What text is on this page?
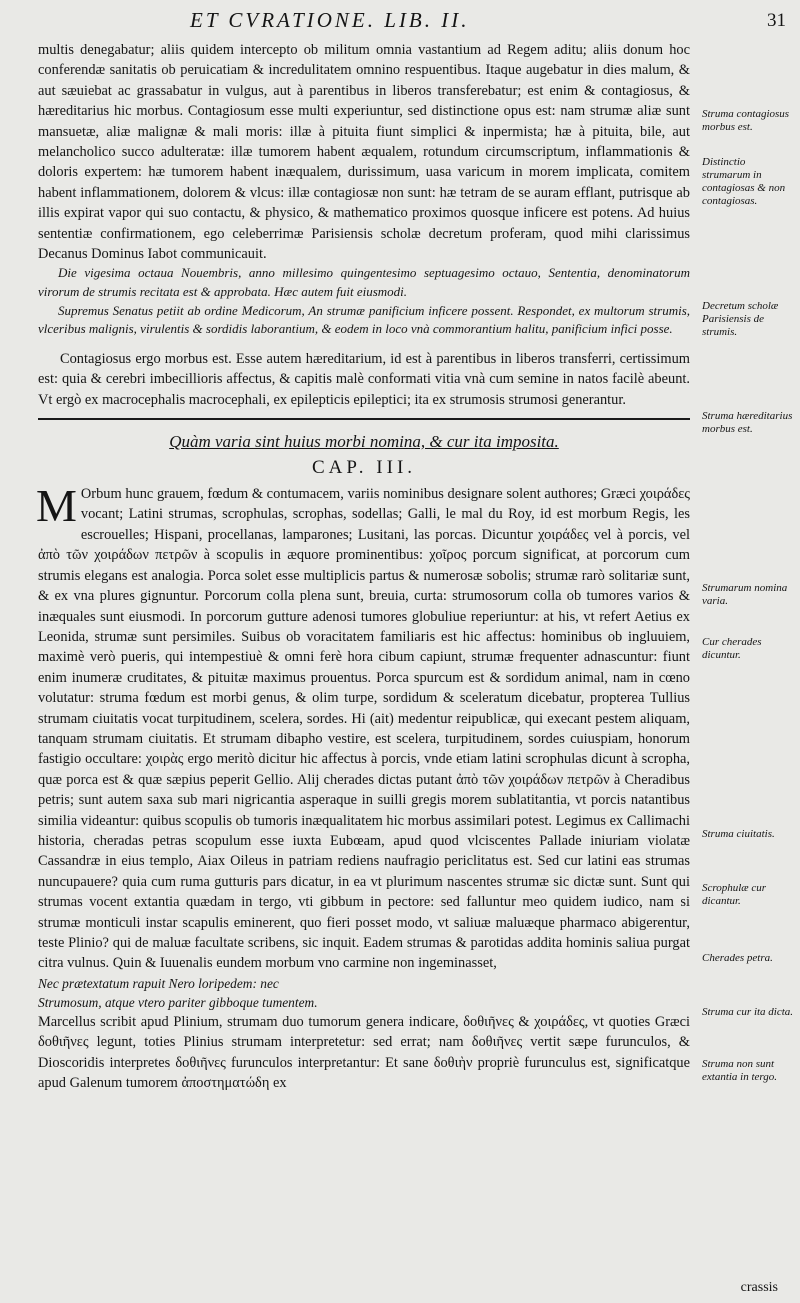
ET CVRATIONE. LIB. II.	31

multis denegabatur; aliis quidem intercepto ob militum omnia vastantium ad Regem aditu; aliis donum hoc conferendæ sanitatis ob peruicatiam & incredulitatem omnino respuentibus. Itaque augebatur in dies malum, & aut sæuiebat ac grassabatur in vulgus, aut à parentibus in liberos transferebatur; est enim & contagiosus, & hæreditarius hic morbus. Contagiosum esse multi experiuntur, sed distinctione opus est: nam strumæ aliæ sunt mansuetæ, aliæ malignæ & mali moris: illæ à pituita fiunt simplici & inpermista; hæ à pituita, bile, aut melancholico succo adulteratæ: illæ tumorem habent æqualem, rotundum circumscriptum, inflammationis & doloris expertem: hæ tumorem habent inæqualem, durissimum, uasa varicum in morem implicata, comitem habent inflammationem, dolorem & vlcus: illæ contagiosæ non sunt: hæ tetram de se auram efflant, putrisque ab illis expirat vapor qui suo contactu, & physico, & mathematico proximos quosque inficere est potens. Ad huius sententiæ confirmationem, ego celeberrimæ Parisiensis scholæ decretum proferam, quod mihi clarissimus Decanus Dominus Iabot communicauit.

Die vigesima octaua Nouembris, anno millesimo quingentesimo septuagesimo octauo, Sententia, denominatorum virorum de strumis recitata est & approbata. Hæc autem fuit eiusmodi.

Supremus Senatus petiit ab ordine Medicorum, An strumæ panificium inficere possent. Respondet, ex multorum strumis, vlceribus malignis, virulentis & sordidis laborantium, & eodem in loco vnà commorantium halitu, panificium infici posse.

Contagiosus ergo morbus est. Esse autem hæreditarium, id est à parentibus in liberos transferri, certissimum est: quia & cerebri imbecillioris affectus, & capitis malè conformati vitia vnà cum semine in natos facilè abeunt. Vt ergò ex macrocephalis macrocephali, ex epilepticis epileptici; ita ex strumosis strumosi generantur.

Quàm varia sint huius morbi nomina, & cur ita imposita.

CAP. III.

M Orbum hunc grauem, fœdum & contumacem, variis nominibus designare solent authores; Græci χοιράδες vocant; Latini strumas, scrophulas, scrophas, sodellas; Galli, le mal du Roy, id est morbum Regis, les escrouelles; Hispani, procellanas, lamparones; Lusitani, las porcas. Dicuntur χοιράδες vel à porcis, vel ἀπὸ τῶν χοιράδων πετρῶν à scopulis in æquore prominentibus: χοῖρος porcum significat, at porcorum cum strumis elegans est analogia. Porca solet esse multiplicis partus & numerosæ sobolis; strumæ rarò solitariæ sunt, & ex vna plures gignuntur. Porcorum colla plena sunt, breuia, curta: strumosorum colla ob tumores varios & inæquales sunt eiusmodi. In porcorum gutture adenosi tumores globuliue reperiuntur: at his, vt refert Aetius ex Leonida, strumæ sunt persimiles. Suibus ob voracitatem familiaris est hic affectus: hominibus ob ingluuiem, maximè verò pueris, qui intempestiuè & omni ferè hora cibum capiunt, strumæ frequenter adnascuntur: fiunt enim inumeræ cruditates, & pituitæ maximus prouentus. Porca spurcum est & sordidum animal, nam in cœno volutatur: struma fœdum est morbi genus, & olim turpe, sordidum & sceleratum dicebatur, propterea Tullius strumam ciuitatis vocat turpitudinem, scelera, sordes. Hi (ait) medentur reipublicæ, qui execant pestem aliquam, tanquam strumam ciuitatis. Et strumam dibapho vestire, est scelera, turpitudinem, sordes cuiuspiam, honorum fastigio occultare: χοιρὰς ergo meritò dicitur hic affectus à porcis, vnde etiam latini scrophulas dicunt à scropha, quæ porca est & quæ sæpius peperit Gellio. Alij cherades dictas putant ἀπὸ τῶν χοιράδων πετρῶν à Cheradibus petris; sunt autem saxa sub mari nigricantia asperaque in suilli gregis morem sublatitantia, vt porcis natantibus similia videantur: quibus scopulis ob tumoris inæqualitatem hic morbus assimilari potest. Legimus ex Callimachi historia, cheradas petras scopulum esse iuxta Eubœam, apud quod vlciscentes Pallade iniuriam violatæ Cassandræ in eius templo, Aiax Oileus in patriam rediens naufragio periclitatus est. Sed cur latini eas strumas nuncupauere? quia cum ruma gutturis pars dicatur, in ea vt plurimum nascentes strumæ sic dictæ sunt. Sunt qui strumas vocent extantia quædam in tergo, vti gibbum in pectore: sed falluntur meo quidem iudico, nam si strumæ monticuli instar scapulis eminerent, quo fieri posset modo, vt saliuæ maluæque pharmaco abigerentur, teste Plinio? qui de maluæ facultate scribens, sic inquit. Eadem strumas & parotidas addita hominis saliua purgat citra vulnus. Quin & Iuuenalis eundem morbum vno carmine non ingeminasset,

Nec prætextatum rapuit Nero loripedem: nec

Strumosum, atque vtero pariter gibboque tumentem.

Marcellus scribit apud Plinium, strumam duo tumorum genera indicare, δοθιῆνες & χοιράδες, vt quoties Græci δοθιῆνες legunt, toties Plinius strumam interpretetur: sed errat; nam δοθιῆνες vertit sæpe furunculos, & Dioscoridis interpretes δοθιῆνες furunculos interpretantur: Et sane δοθιὴν propriè furunculus est, significatque apud Galenum tumorem ἀποστηματώδη ex

Struma contagiosus morbus est.
Distinctio strumarum in contagiosas & non contagiosas.
Decretum scholæ Parisiensis de strumis.
Struma hæreditarius morbus est.
Strumarum nomina varia.
Cur cherades dicuntur.
Struma ciuitatis.
Scrophulæ cur dicantur.
Cherades petra.
Struma cur ita dicta.
Struma non sunt extantia in tergo.
crassis
